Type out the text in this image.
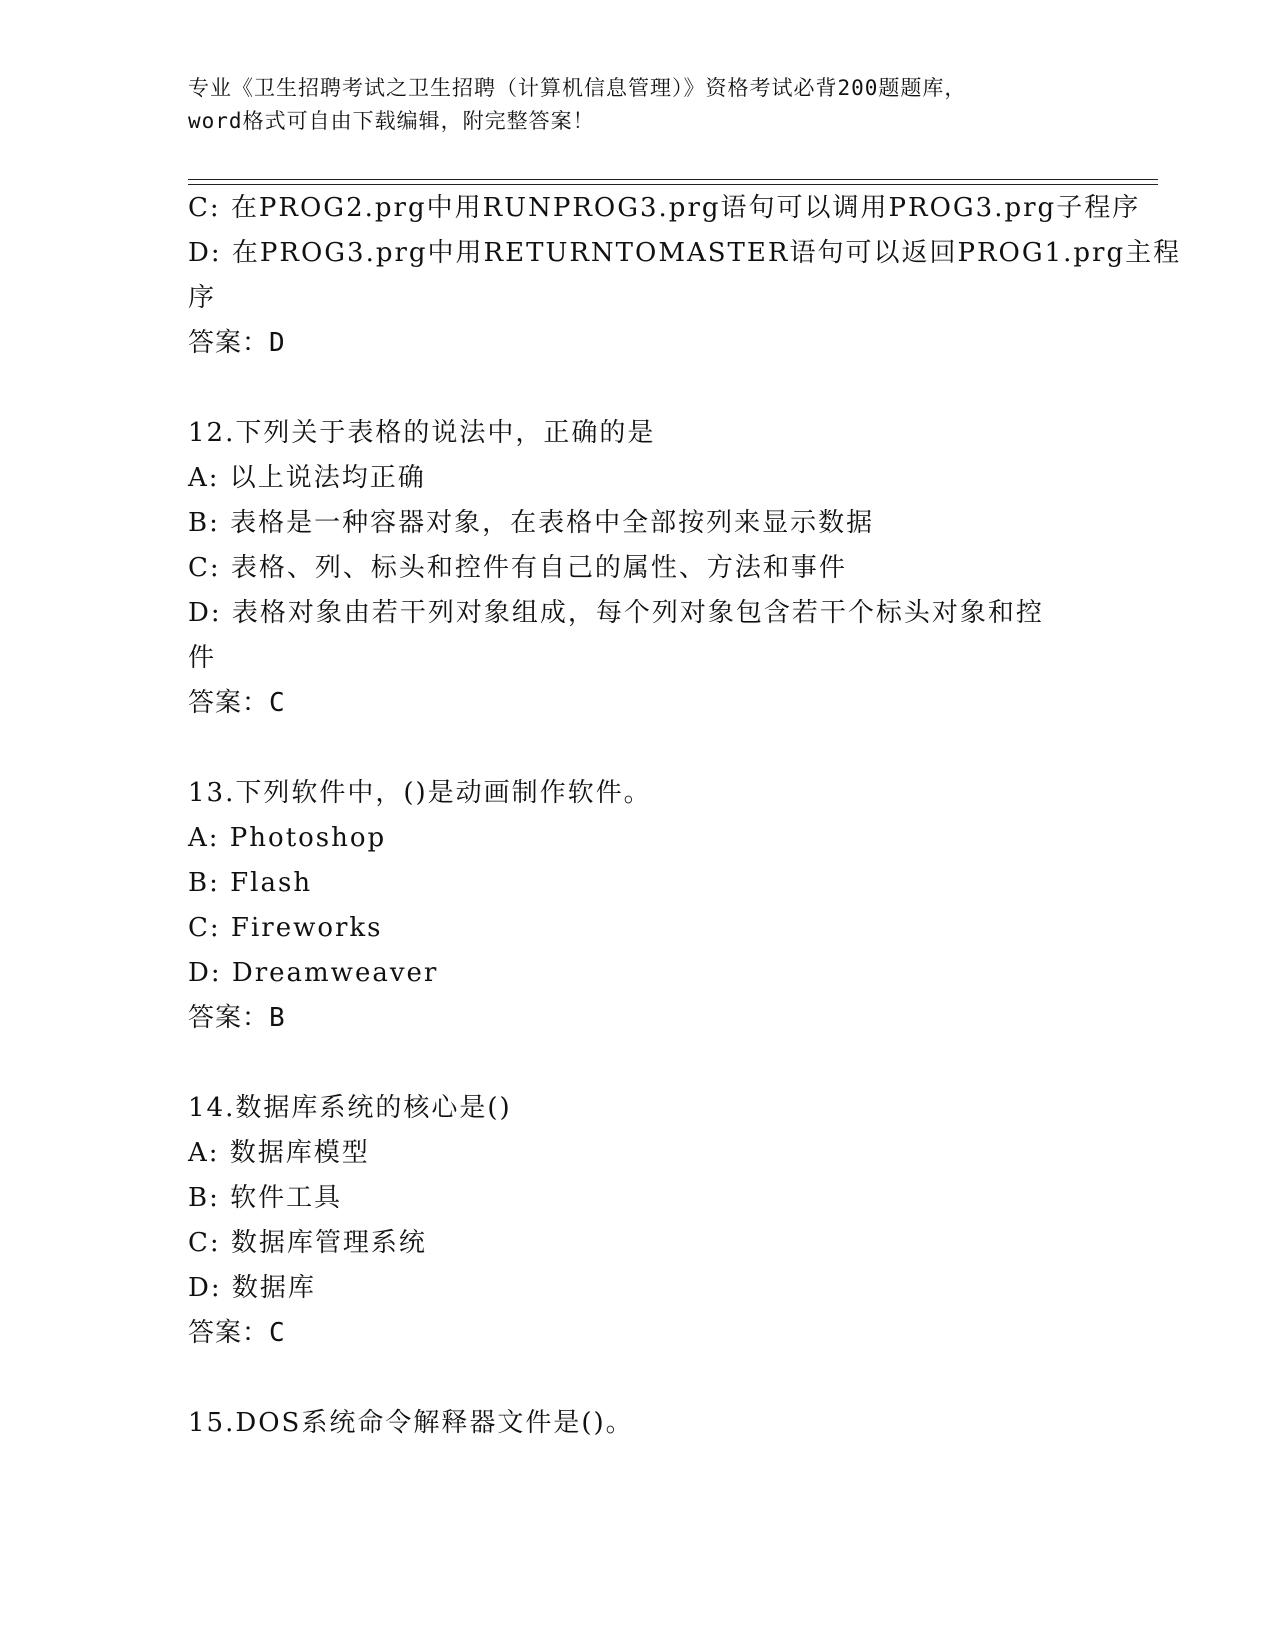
专业《卫生招聘考试之卫生招聘（计算机信息管理）》资格考试必背200题题库，
word格式可自由下载编辑，附完整答案！
C: 在PROG2.prg中用RUNPROG3.prg语句可以调用PROG3.prg子程序
D: 在PROG3.prg中用RETURNTOMASTER语句可以返回PROG1.prg主程
序
答案：D
12.下列关于表格的说法中，正确的是
A: 以上说法均正确
B: 表格是一种容器对象，在表格中全部按列来显示数据
C: 表格、列、标头和控件有自己的属性、方法和事件
D: 表格对象由若干列对象组成，每个列对象包含若干个标头对象和控
件
答案：C
13.下列软件中，()是动画制作软件。
A: Photoshop
B: Flash
C: Fireworks
D: Dreamweaver
答案：B
14.数据库系统的核心是()
A: 数据库模型
B: 软件工具
C: 数据库管理系统
D: 数据库
答案：C
15.DOS系统命令解释器文件是()。
